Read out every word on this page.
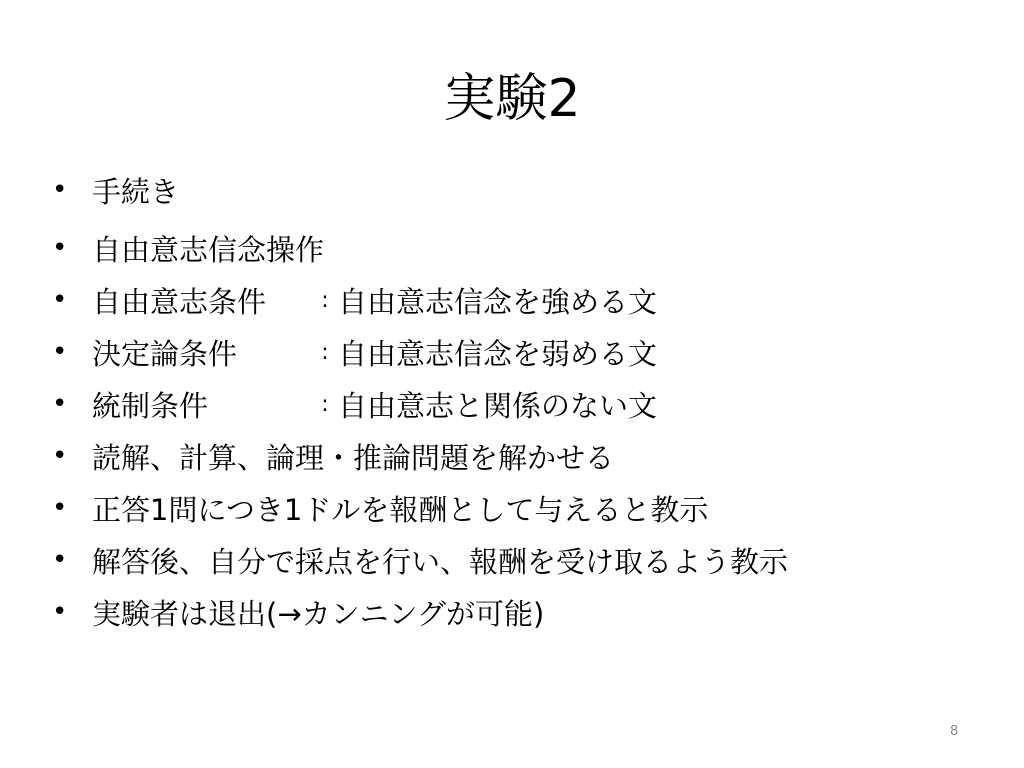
実験2
• 手続き
• 自由意志信念操作
• 自由意志条件	: 自由意志信念を強める文
• 決定論条件	: 自由意志信念を弱める文
• 統制条件	: 自由意志と関係のない文
• 読解、計算、論理・推論問題を解かせる
• 正答1問につき1ドルを報酬として与えると教示
• 解答後、自分で採点を行い、報酬を受け取るよう教示
• 実験者は退出(→カンニングが可能)
8
